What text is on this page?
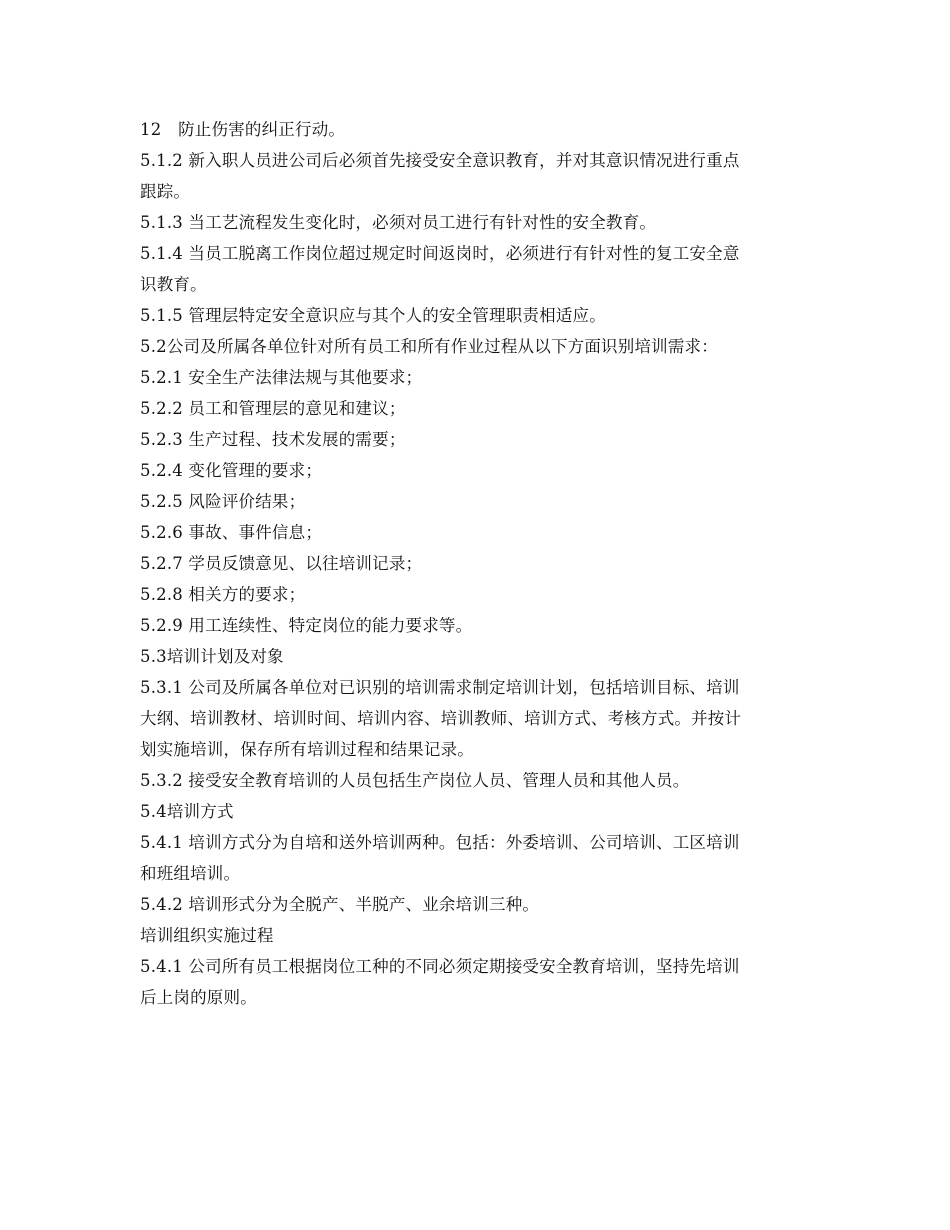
12　防止伤害的纠正行动。
5.1.2 新入职人员进公司后必须首先接受安全意识教育，并对其意识情况进行重点
跟踪。
5.1.3 当工艺流程发生变化时，必须对员工进行有针对性的安全教育。
5.1.4 当员工脱离工作岗位超过规定时间返岗时，必须进行有针对性的复工安全意
识教育。
5.1.5 管理层特定安全意识应与其个人的安全管理职责相适应。
5.2公司及所属各单位针对所有员工和所有作业过程从以下方面识别培训需求：
5.2.1 安全生产法律法规与其他要求；
5.2.2 员工和管理层的意见和建议；
5.2.3 生产过程、技术发展的需要；
5.2.4 变化管理的要求；
5.2.5 风险评价结果；
5.2.6 事故、事件信息；
5.2.7 学员反馈意见、以往培训记录；
5.2.8 相关方的要求；
5.2.9 用工连续性、特定岗位的能力要求等。
5.3培训计划及对象
5.3.1 公司及所属各单位对已识别的培训需求制定培训计划，包括培训目标、培训
大纲、培训教材、培训时间、培训内容、培训教师、培训方式、考核方式。并按计
划实施培训，保存所有培训过程和结果记录。
5.3.2 接受安全教育培训的人员包括生产岗位人员、管理人员和其他人员。
5.4培训方式
5.4.1 培训方式分为自培和送外培训两种。包括：外委培训、公司培训、工区培训
和班组培训。
5.4.2 培训形式分为全脱产、半脱产、业余培训三种。
培训组织实施过程
5.4.1 公司所有员工根据岗位工种的不同必须定期接受安全教育培训，坚持先培训
后上岗的原则。
